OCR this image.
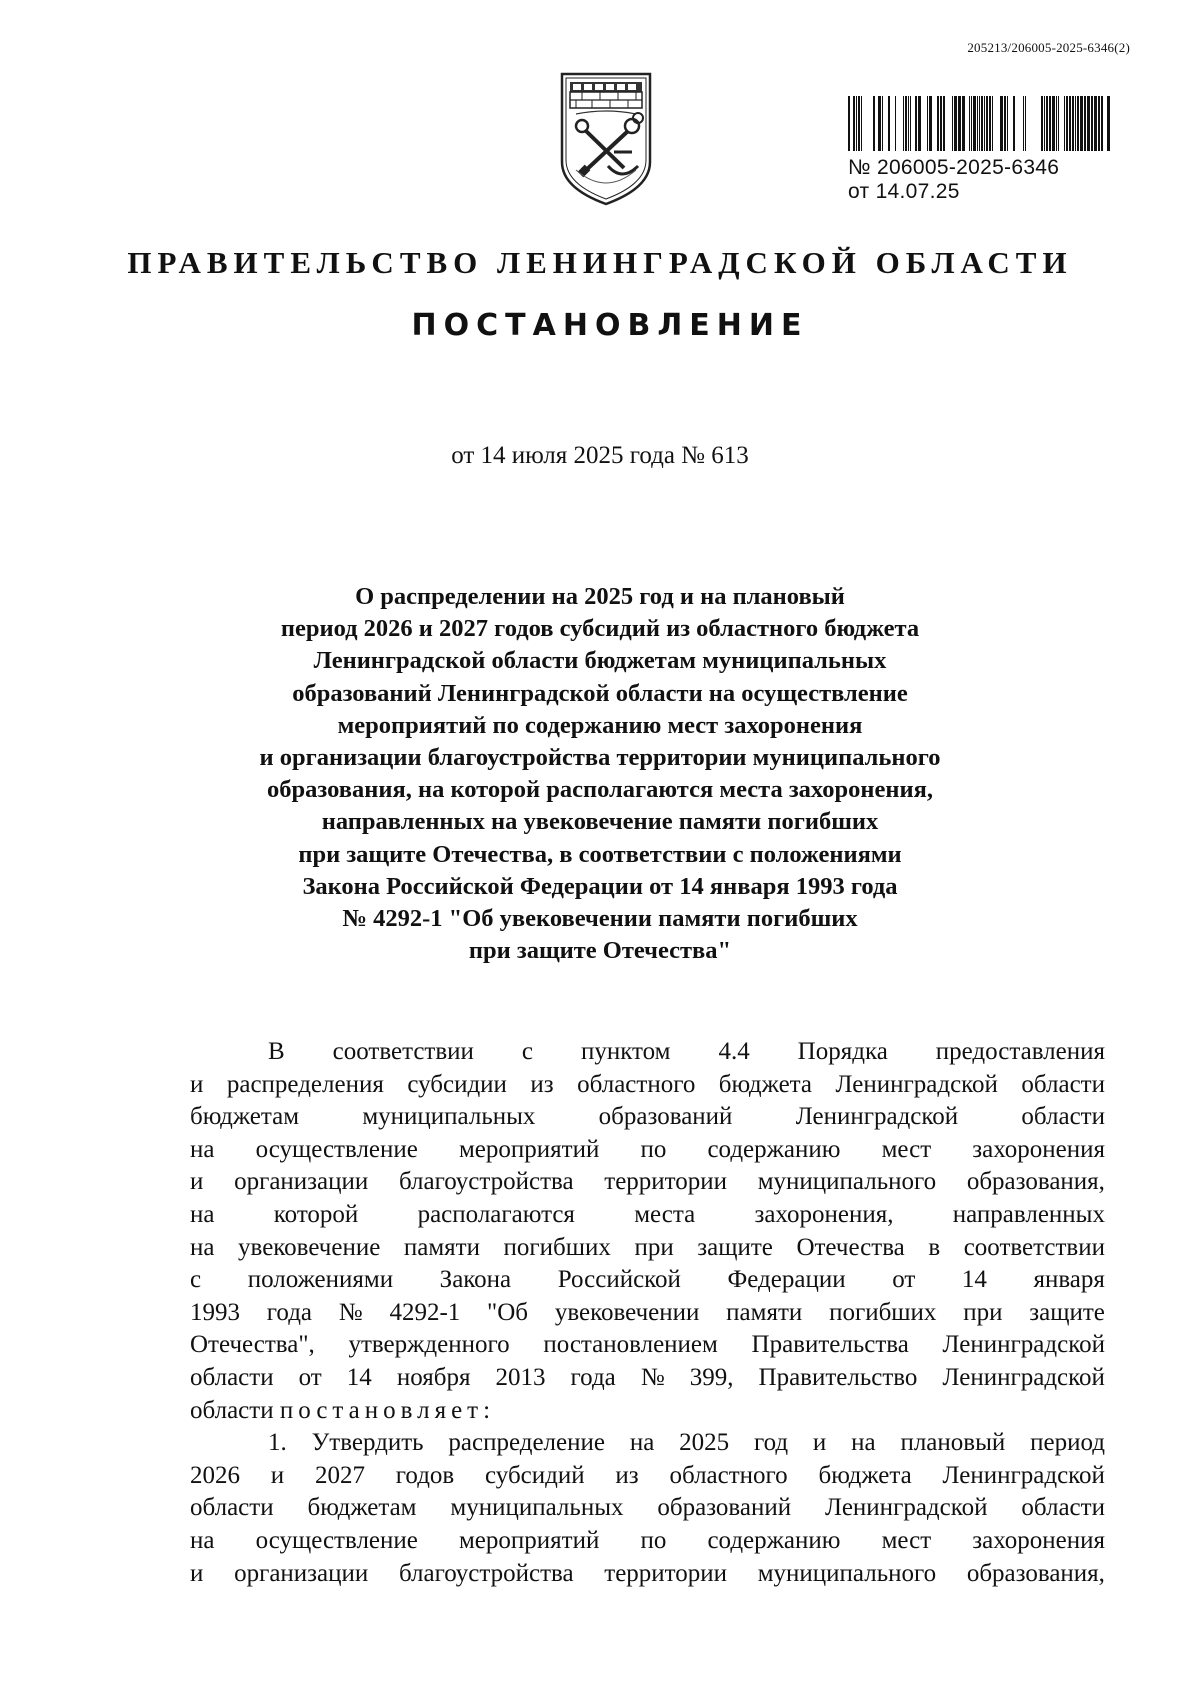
205213/206005-2025-6346(2)
№ 206005-2025-6346
от 14.07.25
ПРАВИТЕЛЬСТВО ЛЕНИНГРАДСКОЙ ОБЛАСТИ
ПОСТАНОВЛЕНИЕ
от 14 июля 2025 года № 613
О распределении на 2025 год и на плановый
период 2026 и 2027 годов субсидий из областного бюджета
Ленинградской области бюджетам муниципальных
образований Ленинградской области на осуществление
мероприятий по содержанию мест захоронения
и организации благоустройства территории муниципального
образования, на которой располагаются места захоронения,
направленных на увековечение памяти погибших
при защите Отечества, в соответствии с положениями
Закона Российской Федерации от 14 января 1993 года
№ 4292-1 "Об увековечении памяти погибших
при защите Отечества"
В соответствии с пунктом 4.4 Порядка предоставления
и распределения субсидии из областного бюджета Ленинградской области
бюджетам	муниципальных	образований	Ленинградской	области
на осуществление мероприятий по содержанию мест захоронения
и организации благоустройства территории муниципального образования,
на которой располагаются места захоронения, направленных
на увековечение памяти погибших при защите Отечества в соответствии
с положениями Закона Российской Федерации от 14 января
1993 года № 4292-1 "Об увековечении памяти погибших при защите
Отечества", утвержденного постановлением Правительства Ленинградской
области от 14 ноября 2013 года № 399, Правительство Ленинградской
области постановляет:
1. Утвердить распределение на 2025 год и на плановый период
2026 и 2027 годов субсидий из областного бюджета Ленинградской
области бюджетам муниципальных образований Ленинградской области
на осуществление мероприятий по содержанию мест захоронения
и организации благоустройства территории муниципального образования,
